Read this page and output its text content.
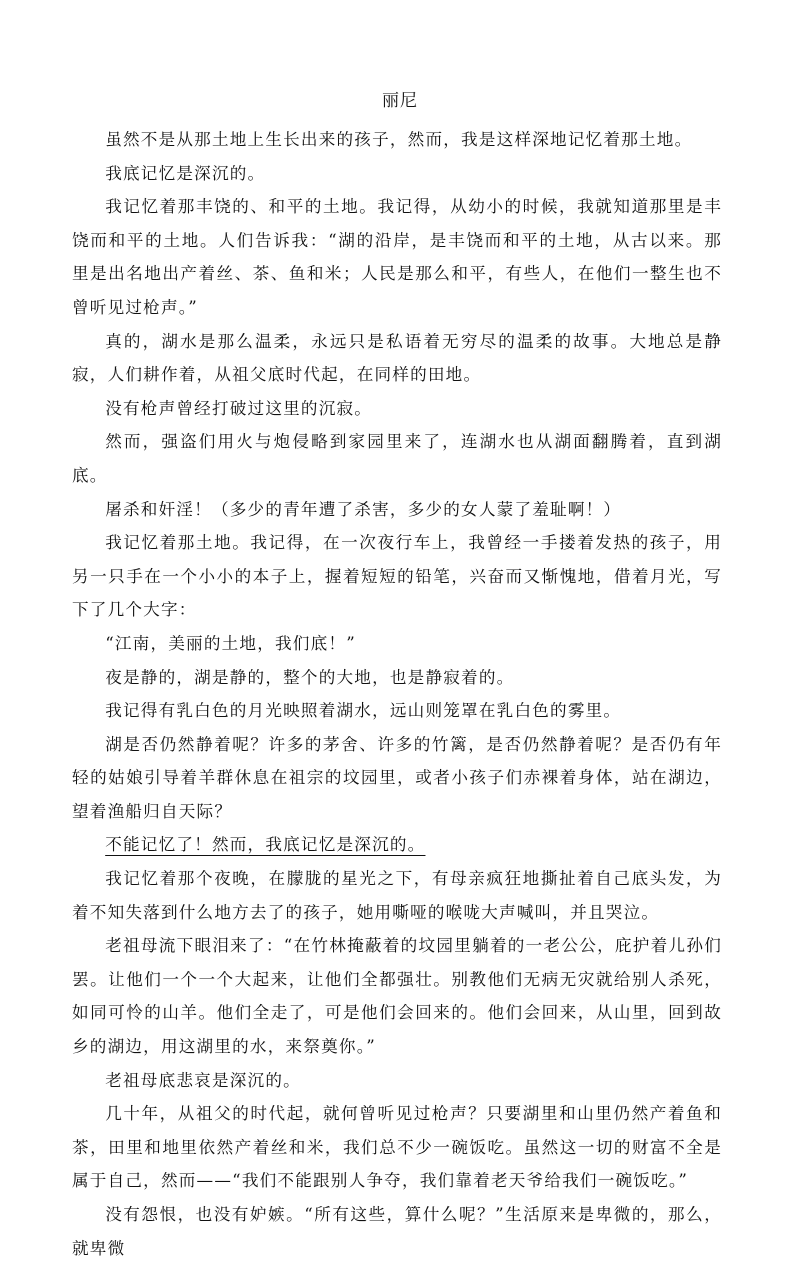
丽尼

虽然不是从那土地上生长出来的孩子，然而，我是这样深地记忆着那土地。

我底记忆是深沉的。

我记忆着那丰饶的、和平的土地。我记得，从幼小的时候，我就知道那里是丰饶而和平的土地。人们告诉我：“湖的沿岸，是丰饶而和平的土地，从古以来。那里是出名地出产着丝、茶、鱼和米；人民是那么和平，有些人，在他们一整生也不曾听见过枪声。”

真的，湖水是那么温柔，永远只是私语着无穷尽的温柔的故事。大地总是静寂，人们耕作着，从祖父底时代起，在同样的田地。

没有枪声曾经打破过这里的沉寂。

然而，强盗们用火与炮侵略到家园里来了，连湖水也从湖面翻腾着，直到湖底。

屠杀和奸淫！（多少的青年遭了杀害，多少的女人蒙了羞耻啊！）

我记忆着那土地。我记得，在一次夜行车上，我曾经一手搂着发热的孩子，用另一只手在一个小小的本子上，握着短短的铅笔，兴奋而又惭愧地，借着月光，写下了几个大字：

“江南，美丽的土地，我们底！”

夜是静的，湖是静的，整个的大地，也是静寂着的。

我记得有乳白色的月光映照着湖水，远山则笼罩在乳白色的雾里。

湖是否仍然静着呢？许多的茅舍、许多的竹篱，是否仍然静着呢？是否仍有年轻的姑娘引导着羊群休息在祖宗的坟园里，或者小孩子们赤裸着身体，站在湖边，望着渔船归自天际？

不能记忆了！然而，我底记忆是深沉的。

我记忆着那个夜晚，在朦胧的星光之下，有母亲疯狂地撕扯着自己底头发，为着不知失落到什么地方去了的孩子，她用嘶哑的喉咙大声喊叫，并且哭泣。

老祖母流下眼泪来了：“在竹林掩蔽着的坟园里躺着的一老公公，庇护着儿孙们罢。让他们一个一个大起来，让他们全都强壮。别教他们无病无灾就给别人杀死，如同可怜的山羊。他们全走了，可是他们会回来的。他们会回来，从山里，回到故乡的湖边，用这湖里的水，来祭奠你。”

老祖母底悲哀是深沉的。

几十年，从祖父的时代起，就何曾听见过枪声？只要湖里和山里仍然产着鱼和茶，田里和地里依然产着丝和米，我们总不少一碗饭吃。虽然这一切的财富不全是属于自己，然而——“我们不能跟别人争夺，我们靠着老天爷给我们一碗饭吃。”

没有怨恨，也没有妒嫉。“所有这些，算什么呢？”生活原来是卑微的，那么，就卑微
